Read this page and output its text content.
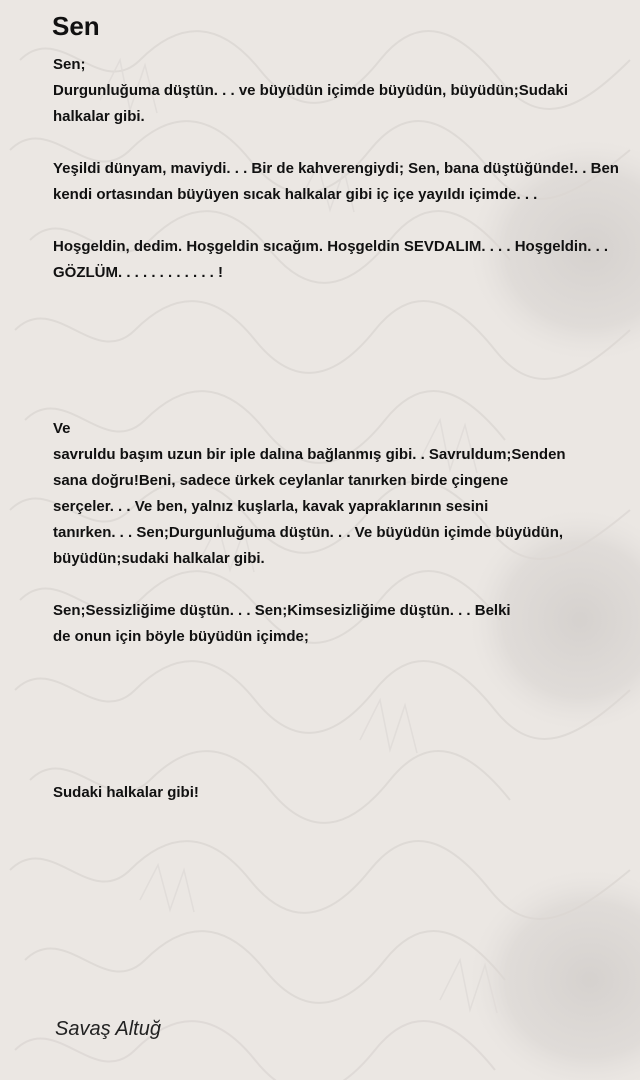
Sen
Sen;
Durgunluğuma düştün. . . ve büyüdün içimde büyüdün, büyüdün;Sudaki
halkalar gibi.
Yeşildi dünyam, maviydi. . . Bir de kahverengiydi; Sen, bana düştüğünde!. . Ben
kendi ortasından büyüyen sıcak halkalar gibi iç içe yayıldı içimde. . .
Hoşgeldin, dedim. Hoşgeldin sıcağım. Hoşgeldin SEVDALIM. . . . Hoşgeldin. . .
GÖZLÜM. . . . . . . . . . . . !
Ve
savruldu başım uzun bir iple dalına bağlanmış gibi. . Savruldum;Senden
sana doğru!Beni, sadece ürkek ceylanlar tanırken birde çingene
serçeler. . . Ve ben, yalnız kuşlarla, kavak yapraklarının sesini
tanırken. . . Sen;Durgunluğuma düştün. . . Ve büyüdün içimde büyüdün,
büyüdün;sudaki halkalar gibi.
Sen;Sessizliğime düştün. . . Sen;Kimsesizliğime düştün. . . Belki
de onun için böyle büyüdün içimde;
Sudaki halkalar gibi!
Savaş Altuğ
